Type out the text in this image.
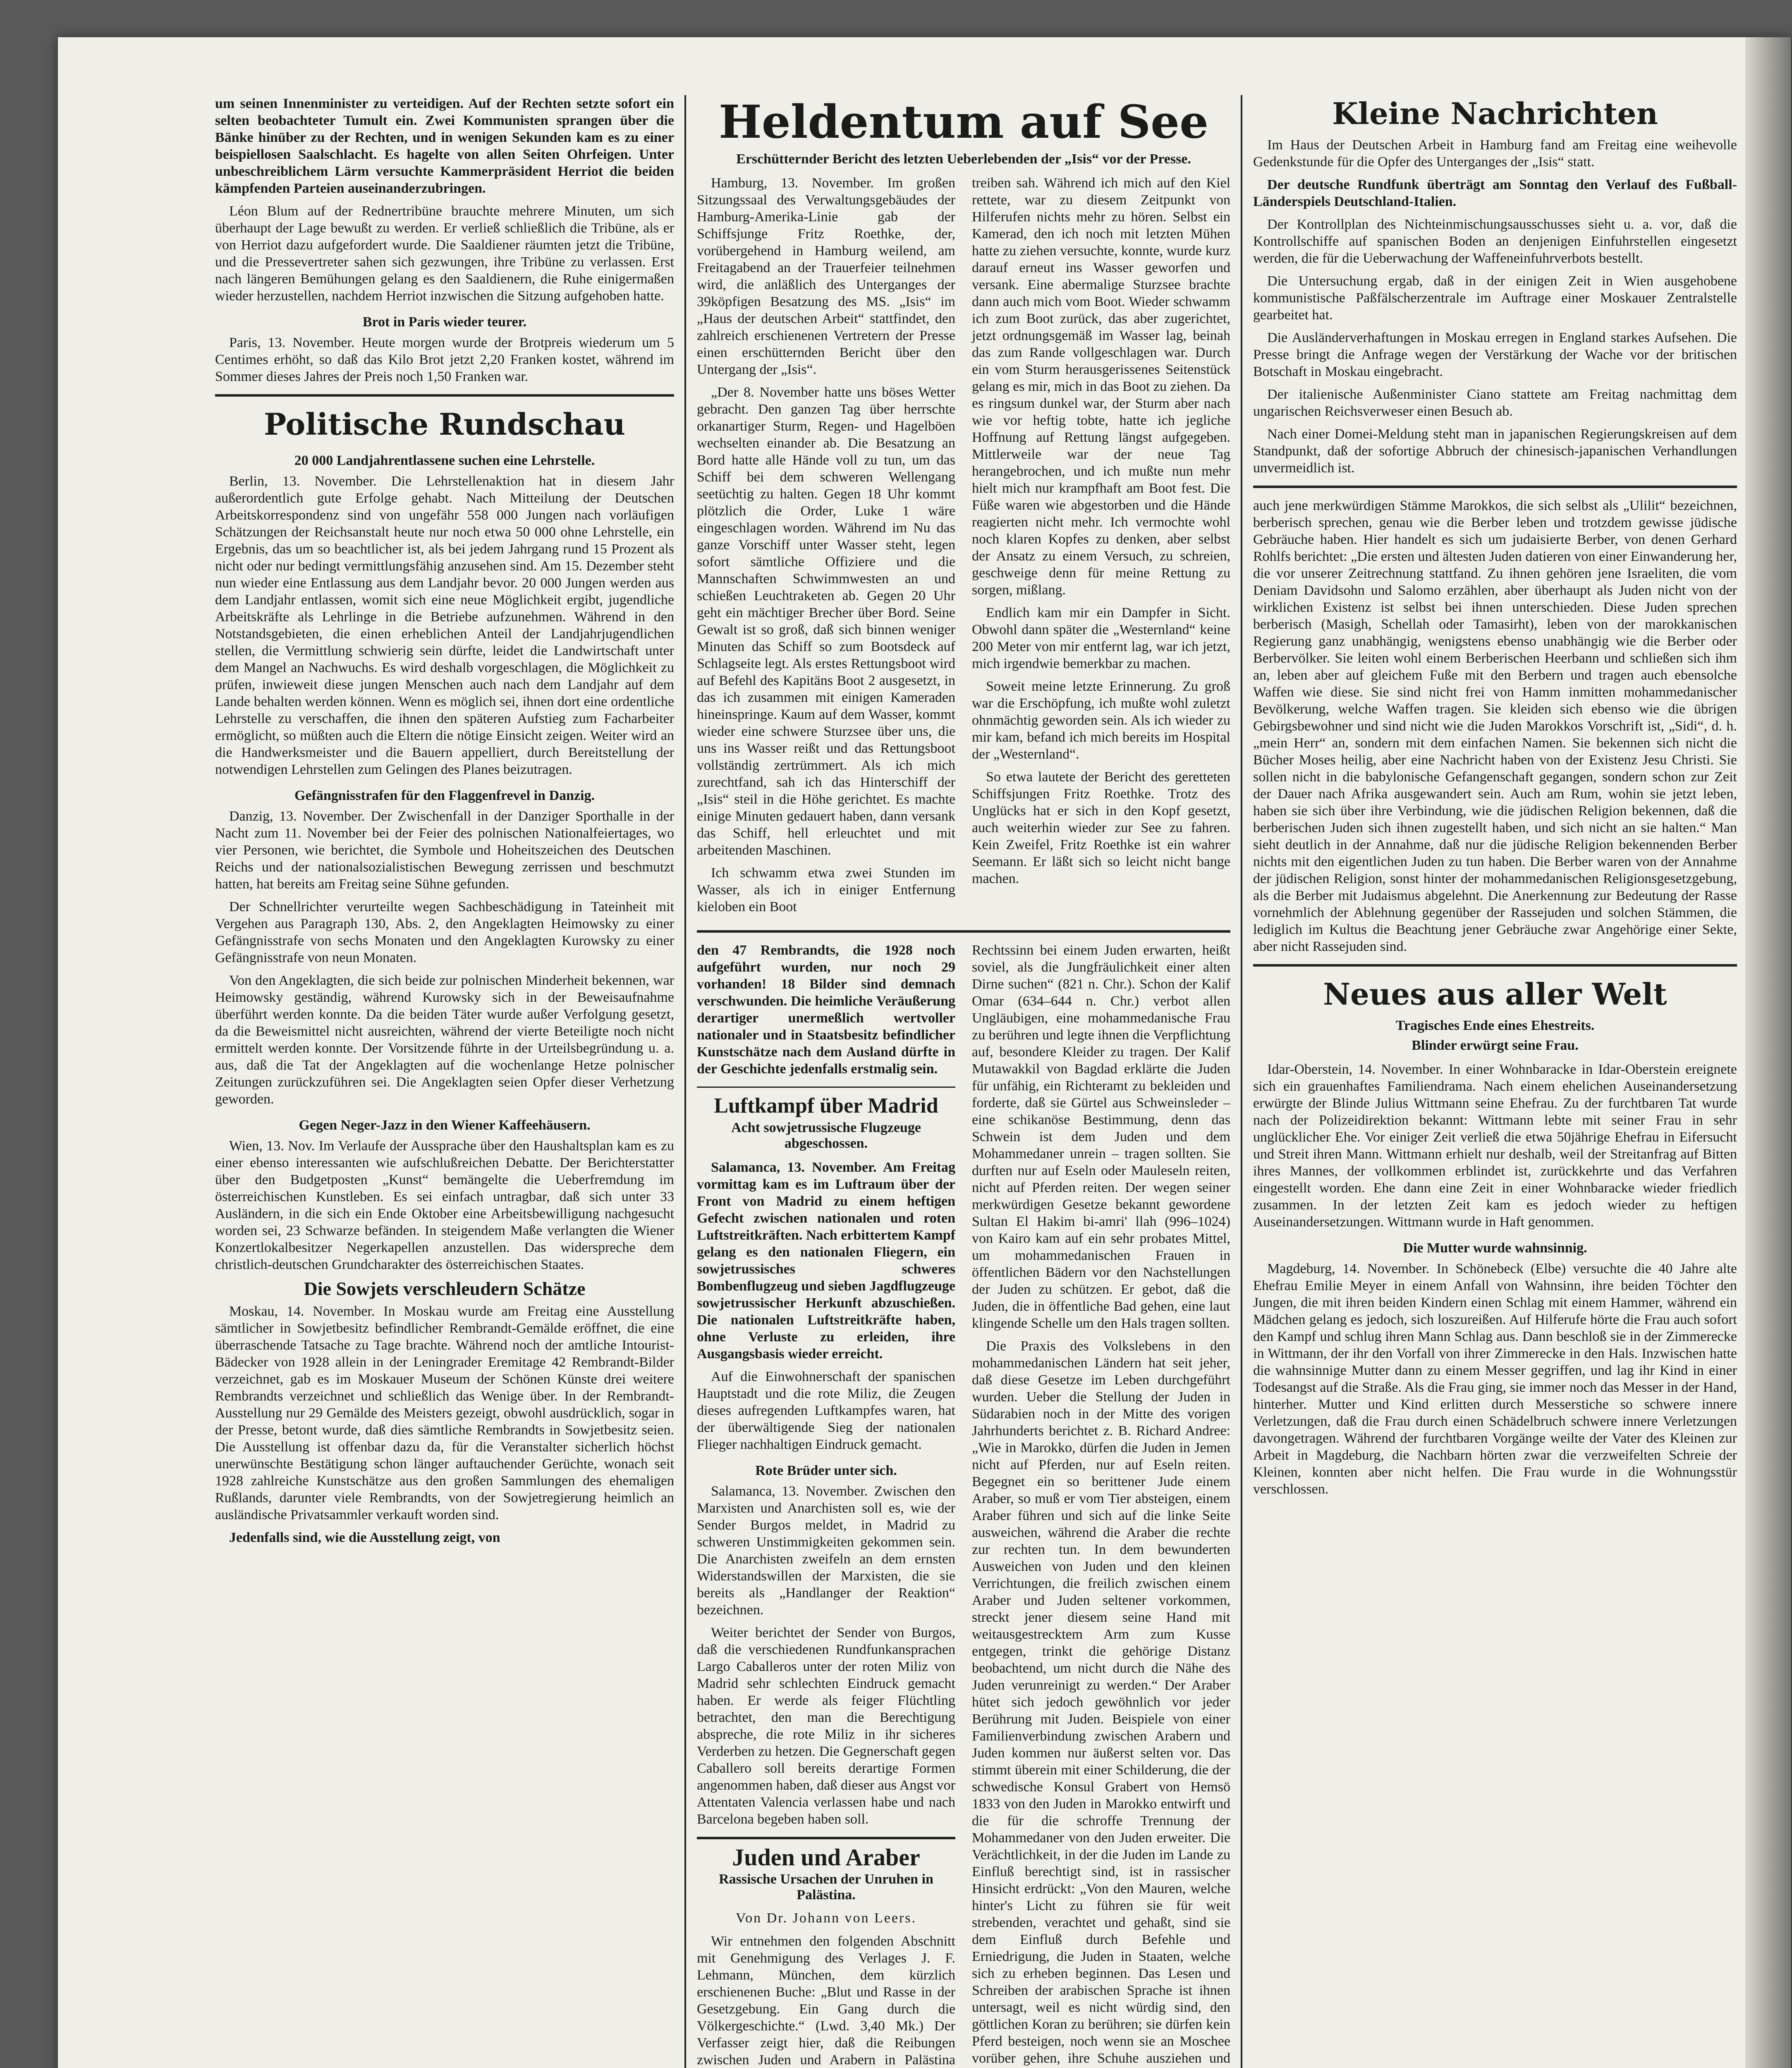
um seinen Innenminister zu verteidigen. Auf der Rechten setzte sofort ein selten beobachteter Tumult ein. Zwei Kommunisten sprangen über die Bänke hinüber zu der Rechten, und in wenigen Sekunden kam es zu einer beispiellosen Saalschlacht. Es hagelte von allen Seiten Ohrfeigen. Unter unbeschreiblichem Lärm versuchte Kammerpräsident Herriot die beiden kämpfenden Parteien auseinanderzubringen.

Léon Blum auf der Rednertribüne brauchte mehrere Minuten, um sich überhaupt der Lage bewußt zu werden. Er verließ schließlich die Tribüne, als er von Herriot dazu aufgefordert wurde. Die Saaldiener räumten jetzt die Tribüne, und die Pressevertreter sahen sich gezwungen, ihre Tribüne zu verlassen. Erst nach längeren Bemühungen gelang es den Saaldienern, die Ruhe einigermaßen wieder herzustellen, nachdem Herriot inzwischen die Sitzung aufgehoben hatte.

Brot in Paris wieder teurer.

Paris, 13. November. Heute morgen wurde der Brotpreis wiederum um 5 Centimes erhöht, so daß das Kilo Brot jetzt 2,20 Franken kostet, während im Sommer dieses Jahres der Preis noch 1,50 Franken war.

Politische Rundschau
20 000 Landjahrentlassene suchen eine Lehrstelle.

Berlin, 13. November. Die Lehrstellenaktion hat in diesem Jahr außerordentlich gute Erfolge gehabt. Nach Mitteilung der Deutschen Arbeitskorrespondenz sind von ungefähr 558 000 Jungen nach vorläufigen Schätzungen der Reichsanstalt heute nur noch etwa 50 000 ohne Lehrstelle, ein Ergebnis, das um so beachtlicher ist, als bei jedem Jahrgang rund 15 Prozent als nicht oder nur bedingt vermittlungsfähig anzusehen sind. Am 15. Dezember steht nun wieder eine Entlassung aus dem Landjahr bevor. 20 000 Jungen werden aus dem Landjahr entlassen, womit sich eine neue Möglichkeit ergibt, jugendliche Arbeitskräfte als Lehrlinge in die Betriebe aufzunehmen. Während in den Notstandsgebieten, die einen erheblichen Anteil der Landjahrjugendlichen stellen, die Vermittlung schwierig sein dürfte, leidet die Landwirtschaft unter dem Mangel an Nachwuchs. Es wird deshalb vorgeschlagen, die Möglichkeit zu prüfen, inwieweit diese jungen Menschen auch nach dem Landjahr auf dem Lande behalten werden können. Wenn es möglich sei, ihnen dort eine ordentliche Lehrstelle zu verschaffen, die ihnen den späteren Aufstieg zum Facharbeiter ermöglicht, so müßten auch die Eltern die nötige Einsicht zeigen. Weiter wird an die Handwerksmeister und die Bauern appelliert, durch Bereitstellung der notwendigen Lehrstellen zum Gelingen des Planes beizutragen.

Gefängnisstrafen für den Flaggenfrevel in Danzig.

Danzig, 13. November. Der Zwischenfall in der Danziger Sporthalle in der Nacht zum 11. November bei der Feier des polnischen Nationalfeiertages, wo vier Personen, wie berichtet, die Symbole und Hoheitszeichen des Deutschen Reichs und der nationalsozialistischen Bewegung zerrissen und beschmutzt hatten, hat bereits am Freitag seine Sühne gefunden.

Der Schnellrichter verurteilte wegen Sachbeschädigung in Tateinheit mit Vergehen aus Paragraph 130, Abs. 2, den Angeklagten Heimowsky zu einer Gefängnisstrafe von sechs Monaten und den Angeklagten Kurowsky zu einer Gefängnisstrafe von neun Monaten.

Von den Angeklagten, die sich beide zur polnischen Minderheit bekennen, war Heimowsky geständig, während Kurowsky sich in der Beweisaufnahme überführt werden konnte. Da die beiden Täter wurde außer Verfolgung gesetzt, da die Beweismittel nicht ausreichten, während der vierte Beteiligte noch nicht ermittelt werden konnte. Der Vorsitzende führte in der Urteilsbegründung u. a. aus, daß die Tat der Angeklagten auf die wochenlange Hetze polnischer Zeitungen zurückzuführen sei. Die Angeklagten seien Opfer dieser Verhetzung geworden.

Gegen Neger-Jazz in den Wiener Kaffeehäusern.

Wien, 13. Nov. Im Verlaufe der Aussprache über den Haushaltsplan kam es zu einer ebenso interessanten wie aufschlußreichen Debatte. Der Berichterstatter über den Budgetposten „Kunst“ bemängelte die Ueberfremdung im österreichischen Kunstleben. Es sei einfach untragbar, daß sich unter 33 Ausländern, in die sich ein Ende Oktober eine Arbeitsbewilligung nachgesucht worden sei, 23 Schwarze befänden. In steigendem Maße verlangten die Wiener Konzertlokalbesitzer Negerkapellen anzustellen. Das widerspreche dem christlich-deutschen Grundcharakter des österreichischen Staates.

Die Sowjets verschleudern Schätze

Moskau, 14. November. In Moskau wurde am Freitag eine Ausstellung sämtlicher in Sowjetbesitz befindlicher Rembrandt-Gemälde eröffnet, die eine überraschende Tatsache zu Tage brachte. Während noch der amtliche Intourist-Bädecker von 1928 allein in der Leningrader Eremitage 42 Rembrandt-Bilder verzeichnet, gab es im Moskauer Museum der Schönen Künste drei weitere Rembrandts verzeichnet und schließlich das Wenige über. In der Rembrandt-Ausstellung nur 29 Gemälde des Meisters gezeigt, obwohl ausdrücklich, sogar in der Presse, betont wurde, daß dies sämtliche Rembrandts in Sowjetbesitz seien. Die Ausstellung ist offenbar dazu da, für die Veranstalter sicherlich höchst unerwünschte Bestätigung schon länger auftauchender Gerüchte, wonach seit 1928 zahlreiche Kunstschätze aus den großen Sammlungen des ehemaligen Rußlands, darunter viele Rembrandts, von der Sowjetregierung heimlich an ausländische Privatsammler verkauft worden sind.

Jedenfalls sind, wie die Ausstellung zeigt, von

Heldentum auf See
Erschütternder Bericht des letzten Ueberlebenden der „Isis“ vor der Presse.

Hamburg, 13. November. Im großen Sitzungssaal des Verwaltungsgebäudes der Hamburg-Amerika-Linie gab der Schiffsjunge Fritz Roethke, der, vorübergehend in Hamburg weilend, am Freitagabend an der Trauerfeier teilnehmen wird, die anläßlich des Unterganges der 39köpfigen Besatzung des MS. „Isis“ im „Haus der deutschen Arbeit“ stattfindet, den zahlreich erschienenen Vertretern der Presse einen erschütternden Bericht über den Untergang der „Isis“.

„Der 8. November hatte uns böses Wetter gebracht. Den ganzen Tag über herrschte orkanartiger Sturm, Regen- und Hagelböen wechselten einander ab. Die Besatzung an Bord hatte alle Hände voll zu tun, um das Schiff bei dem schweren Wellengang seetüchtig zu halten. Gegen 18 Uhr kommt plötzlich die Order, Luke 1 wäre eingeschlagen worden. Während im Nu das ganze Vorschiff unter Wasser steht, legen sofort sämtliche Offiziere und die Mannschaften Schwimmwesten an und schießen Leuchtraketen ab. Gegen 20 Uhr geht ein mächtiger Brecher über Bord. Seine Gewalt ist so groß, daß sich binnen weniger Minuten das Schiff so zum Bootsdeck auf Schlagseite legt. Als erstes Rettungsboot wird auf Befehl des Kapitäns Boot 2 ausgesetzt, in das ich zusammen mit einigen Kameraden hineinspringe. Kaum auf dem Wasser, kommt wieder eine schwere Sturzsee über uns, die uns ins Wasser reißt und das Rettungsboot vollständig zertrümmert. Als ich mich zurechtfand, sah ich das Hinterschiff der „Isis“ steil in die Höhe gerichtet. Es machte einige Minuten gedauert haben, dann versank das Schiff, hell erleuchtet und mit arbeitenden Maschinen.

Ich schwamm etwa zwei Stunden im Wasser, als ich in einiger Entfernung kieloben ein Boot

treiben sah. Während ich mich auf den Kiel rettete, war zu diesem Zeitpunkt von Hilferufen nichts mehr zu hören. Selbst ein Kamerad, den ich noch mit letzten Mühen hatte zu ziehen versuchte, konnte, wurde kurz darauf erneut ins Wasser geworfen und versank. Eine abermalige Sturzsee brachte dann auch mich vom Boot. Wieder schwamm ich zum Boot zurück, das aber zugerichtet, jetzt ordnungsgemäß im Wasser lag, beinah das zum Rande vollgeschlagen war. Durch ein vom Sturm herausgerissenes Seitenstück gelang es mir, mich in das Boot zu ziehen. Da es ringsum dunkel war, der Sturm aber nach wie vor heftig tobte, hatte ich jegliche Hoffnung auf Rettung längst aufgegeben. Mittlerweile war der neue Tag herangebrochen, und ich mußte nun mehr hielt mich nur krampfhaft am Boot fest. Die Füße waren wie abgestorben und die Hände reagierten nicht mehr. Ich vermochte wohl noch klaren Kopfes zu denken, aber selbst der Ansatz zu einem Versuch, zu schreien, geschweige denn für meine Rettung zu sorgen, mißlang.

Endlich kam mir ein Dampfer in Sicht. Obwohl dann später die „Westernland“ keine 200 Meter von mir entfernt lag, war ich jetzt, mich irgendwie bemerkbar zu machen.

Soweit meine letzte Erinnerung. Zu groß war die Erschöpfung, ich mußte wohl zuletzt ohnmächtig geworden sein. Als ich wieder zu mir kam, befand ich mich bereits im Hospital der „Westernland“.

So etwa lautete der Bericht des geretteten Schiffsjungen Fritz Roethke. Trotz des Unglücks hat er sich in den Kopf gesetzt, auch weiterhin wieder zur See zu fahren. Kein Zweifel, Fritz Roethke ist ein wahrer Seemann. Er läßt sich so leicht nicht bange machen.

den 47 Rembrandts, die 1928 noch aufgeführt wurden, nur noch 29 vorhanden! 18 Bilder sind demnach verschwunden. Die heimliche Veräußerung derartiger unermeßlich wertvoller nationaler und in Staatsbesitz befindlicher Kunstschätze nach dem Ausland dürfte in der Geschichte jedenfalls erstmalig sein.

Luftkampf über Madrid
Acht sowjetrussische Flugzeuge abgeschossen.

Salamanca, 13. November. Am Freitag vormittag kam es im Luftraum über der Front von Madrid zu einem heftigen Gefecht zwischen nationalen und roten Luftstreitkräften. Nach erbittertem Kampf gelang es den nationalen Fliegern, ein sowjetrussisches schweres Bombenflugzeug und sieben Jagdflugzeuge sowjetrussischer Herkunft abzuschießen. Die nationalen Luftstreitkräfte haben, ohne Verluste zu erleiden, ihre Ausgangsbasis wieder erreicht.

Auf die Einwohnerschaft der spanischen Hauptstadt und die rote Miliz, die Zeugen dieses aufregenden Luftkampfes waren, hat der überwältigende Sieg der nationalen Flieger nachhaltigen Eindruck gemacht.

Rote Brüder unter sich.

Salamanca, 13. November. Zwischen den Marxisten und Anarchisten soll es, wie der Sender Burgos meldet, in Madrid zu schweren Unstimmigkeiten gekommen sein. Die Anarchisten zweifeln an dem ernsten Widerstandswillen der Marxisten, die sie bereits als „Handlanger der Reaktion“ bezeichnen.

Weiter berichtet der Sender von Burgos, daß die verschiedenen Rundfunkansprachen Largo Caballeros unter der roten Miliz von Madrid sehr schlechten Eindruck gemacht haben. Er werde als feiger Flüchtling betrachtet, den man die Berechtigung abspreche, die rote Miliz in ihr sicheres Verderben zu hetzen. Die Gegnerschaft gegen Caballero soll bereits derartige Formen angenommen haben, daß dieser aus Angst vor Attentaten Valencia verlassen habe und nach Barcelona begeben haben soll.

Juden und Araber
Rassische Ursachen der Unruhen in Palästina.
Von Dr. Johann von Leers.

Wir entnehmen den folgenden Abschnitt mit Genehmigung des Verlages J. F. Lehmann, München, dem kürzlich erschienenen Buche: „Blut und Rasse in der Gesetzgebung. Ein Gang durch die Völkergeschichte.“ (Lwd. 3,40 Mk.) Der Verfasser zeigt hier, daß die Reibungen zwischen Juden und Arabern in Palästina

Rechtssinn bei einem Juden erwarten, heißt soviel, als die Jungfräulichkeit einer alten Dirne suchen“ (821 n. Chr.). Schon der Kalif Omar (634–644 n. Chr.) verbot allen Ungläubigen, eine mohammedanische Frau zu berühren und legte ihnen die Verpflichtung auf, besondere Kleider zu tragen. Der Kalif Mutawakkil von Bagdad erklärte die Juden für unfähig, ein Richteramt zu bekleiden und forderte, daß sie Gürtel aus Schweinsleder – eine schikanöse Bestimmung, denn das Schwein ist dem Juden und dem Mohammedaner unrein – tragen sollten. Sie durften nur auf Eseln oder Mauleseln reiten, nicht auf Pferden reiten. Der wegen seiner merkwürdigen Gesetze bekannt gewordene Sultan El Hakim bi-amri' llah (996–1024) von Kairo kam auf ein sehr probates Mittel, um mohammedanischen Frauen in öffentlichen Bädern vor den Nachstellungen der Juden zu schützen. Er gebot, daß die Juden, die in öffentliche Bad gehen, eine laut klingende Schelle um den Hals tragen sollten.

Die Praxis des Volkslebens in den mohammedanischen Ländern hat seit jeher, daß diese Gesetze im Leben durchgeführt wurden. Ueber die Stellung der Juden in Südarabien noch in der Mitte des vorigen Jahrhunderts berichtet z. B. Richard Andree: „Wie in Marokko, dürfen die Juden in Jemen nicht auf Pferden, nur auf Eseln reiten. Begegnet ein so berittener Jude einem Araber, so muß er vom Tier absteigen, einem Araber führen und sich auf die linke Seite ausweichen, während die Araber die rechte zur rechten tun. In dem bewunderten Ausweichen von Juden und den kleinen Verrichtungen, die freilich zwischen einem Araber und Juden seltener vorkommen, streckt jener diesem seine Hand mit weitausgestrecktem Arm zum Kusse entgegen, trinkt die gehörige Distanz beobachtend, um nicht durch die Nähe des Juden verunreinigt zu werden.“ Der Araber hütet sich jedoch gewöhnlich vor jeder Berührung mit Juden. Beispiele von einer Familienverbindung zwischen Arabern und Juden kommen nur äußerst selten vor. Das stimmt überein mit einer Schilderung, die der schwedische Konsul Grabert von Hemsö 1833 von den Juden in Marokko entwirft und die für die schroffe Trennung der Mohammedaner von den Juden erweiter. Die Verächtlichkeit, in der die Juden im Lande zu Einfluß berechtigt sind, ist in rassischer Hinsicht erdrückt: „Von den Mauren, welche hinter's Licht zu führen sie für weit strebenden, verachtet und gehaßt, sind sie dem Einfluß durch Befehle und Erniedrigung, die Juden in Staaten, welche sich zu erheben beginnen. Das Lesen und Schreiben der arabischen Sprache ist ihnen untersagt, weil es nicht würdig sind, den göttlichen Koran zu berühren; sie dürfen kein Pferd besteigen, noch wenn sie an Moschee vorüber gehen, ihre Schuhe ausziehen und

Kleine Nachrichten

Im Haus der Deutschen Arbeit in Hamburg fand am Freitag eine weihevolle Gedenkstunde für die Opfer des Unterganges der „Isis“ statt.

Der deutsche Rundfunk überträgt am Sonntag den Verlauf des Fußball-Länderspiels Deutschland-Italien.

Der Kontrollplan des Nichteinmischungsausschusses sieht u. a. vor, daß die Kontrollschiffe auf spanischen Boden an denjenigen Einfuhrstellen eingesetzt werden, die für die Ueberwachung der Waffeneinfuhrverbots bestellt.

Die Untersuchung ergab, daß in der einigen Zeit in Wien ausgehobene kommunistische Paßfälscherzentrale im Auftrage einer Moskauer Zentralstelle gearbeitet hat.

Die Ausländerverhaftungen in Moskau erregen in England starkes Aufsehen. Die Presse bringt die Anfrage wegen der Verstärkung der Wache vor der britischen Botschaft in Moskau eingebracht.

Der italienische Außenminister Ciano stattete am Freitag nachmittag dem ungarischen Reichsverweser einen Besuch ab.

Nach einer Domei-Meldung steht man in japanischen Regierungskreisen auf dem Standpunkt, daß der sofortige Abbruch der chinesisch-japanischen Verhandlungen unvermeidlich ist.

auch jene merkwürdigen Stämme Marokkos, die sich selbst als „Ulilit“ bezeichnen, berberisch sprechen, genau wie die Berber leben und trotzdem gewisse jüdische Gebräuche haben. Hier handelt es sich um judaisierte Berber, von denen Gerhard Rohlfs berichtet: „Die ersten und ältesten Juden datieren von einer Einwanderung her, die vor unserer Zeitrechnung stattfand. Zu ihnen gehören jene Israeliten, die vom Deniam Davidsohn und Salomo erzählen, aber überhaupt als Juden nicht von der wirklichen Existenz ist selbst bei ihnen unterschieden. Diese Juden sprechen berberisch (Masigh, Schellah oder Tamasirht), leben von der marokkanischen Regierung ganz unabhängig, wenigstens ebenso unabhängig wie die Berber oder Berbervölker. Sie leiten wohl einem Berberischen Heerbann und schließen sich ihm an, leben aber auf gleichem Fuße mit den Berbern und tragen auch ebensolche Waffen wie diese. Sie sind nicht frei von Hamm inmitten mohammedanischer Bevölkerung, welche Waffen tragen. Sie kleiden sich ebenso wie die übrigen Gebirgsbewohner und sind nicht wie die Juden Marokkos Vorschrift ist, „Sidi“, d. h. „mein Herr“ an, sondern mit dem einfachen Namen. Sie bekennen sich nicht die Bücher Moses heilig, aber eine Nachricht haben von der Existenz Jesu Christi. Sie sollen nicht in die babylonische Gefangenschaft gegangen, sondern schon zur Zeit der Dauer nach Afrika ausgewandert sein. Auch am Rum, wohin sie jetzt leben, haben sie sich über ihre Verbindung, wie die jüdischen Religion bekennen, daß die berberischen Juden sich ihnen zugestellt haben, und sich nicht an sie halten.“ Man sieht deutlich in der Annahme, daß nur die jüdische Religion bekennenden Berber nichts mit den eigentlichen Juden zu tun haben. Die Berber waren von der Annahme der jüdischen Religion, sonst hinter der mohammedanischen Religionsgesetzgebung, als die Berber mit Judaismus abgelehnt. Die Anerkennung zur Bedeutung der Rasse vornehmlich der Ablehnung gegenüber der Rassejuden und solchen Stämmen, die lediglich im Kultus die Beachtung jener Gebräuche zwar Angehörige einer Sekte, aber nicht Rassejuden sind.

Neues aus aller Welt
Tragisches Ende eines Ehestreits.
Blinder erwürgt seine Frau.

Idar-Oberstein, 14. November. In einer Wohnbaracke in Idar-Oberstein ereignete sich ein grauenhaftes Familiendrama. Nach einem ehelichen Auseinandersetzung erwürgte der Blinde Julius Wittmann seine Ehefrau. Zu der furchtbaren Tat wurde nach der Polizeidirektion bekannt: Wittmann lebte mit seiner Frau in sehr unglücklicher Ehe. Vor einiger Zeit verließ die etwa 50jährige Ehefrau in Eifersucht und Streit ihren Mann. Wittmann erhielt nur deshalb, weil der Streitanfrag auf Bitten ihres Mannes, der vollkommen erblindet ist, zurückkehrte und das Verfahren eingestellt worden. Ehe dann eine Zeit in einer Wohnbaracke wieder friedlich zusammen. In der letzten Zeit kam es jedoch wieder zu heftigen Auseinandersetzungen. Wittmann wurde in Haft genommen.

Die Mutter wurde wahnsinnig.

Magdeburg, 14. November. In Schönebeck (Elbe) versuchte die 40 Jahre alte Ehefrau Emilie Meyer in einem Anfall von Wahnsinn, ihre beiden Töchter den Jungen, die mit ihren beiden Kindern einen Schlag mit einem Hammer, während ein Mädchen gelang es jedoch, sich loszureißen. Auf Hilferufe hörte die Frau auch sofort den Kampf und schlug ihren Mann Schlag aus. Dann beschloß sie in der Zimmerecke in Wittmann, der ihr den Vorfall von ihrer Zimmerecke in den Hals. Inzwischen hatte die wahnsinnige Mutter dann zu einem Messer gegriffen, und lag ihr Kind in einer Todesangst auf die Straße. Als die Frau ging, sie immer noch das Messer in der Hand, hinterher. Mutter und Kind erlitten durch Messerstiche so schwere innere Verletzungen, daß die Frau durch einen Schädelbruch schwere innere Verletzungen davongetragen. Während der furchtbaren Vorgänge weilte der Vater des Kleinen zur Arbeit in Magdeburg, die Nachbarn hörten zwar die verzweifelten Schreie der Kleinen, konnten aber nicht helfen. Die Frau wurde in die Wohnungsstür verschlossen.
